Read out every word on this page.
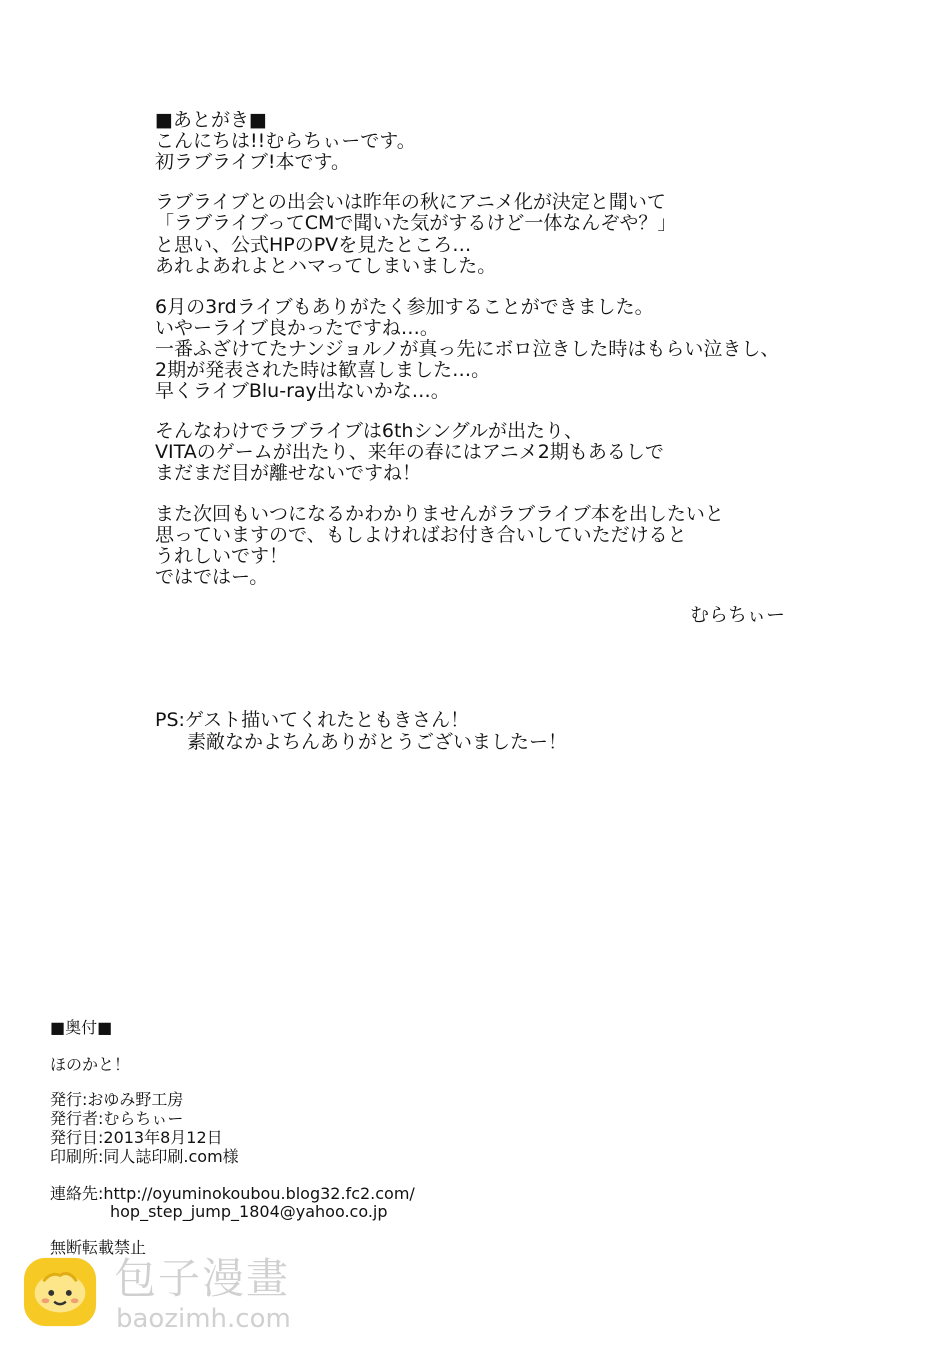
■あとがき■
こんにちは!!むらちぃーです。
初ラブライブ!本です。
ラブライブとの出会いは昨年の秋にアニメ化が決定と聞いて
「ラブライブってCMで聞いた気がするけど一体なんぞや？」
と思い、公式HPのPVを見たところ…
あれよあれよとハマってしまいました。
6月の3rdライブもありがたく参加することができました。
いやーライブ良かったですね…。
一番ふざけてたナンジョルノが真っ先にボロ泣きした時はもらい泣きし、
2期が発表された時は歓喜しました…。
早くライブBlu-ray出ないかな…。
そんなわけでラブライブは6thシングルが出たり、
VITAのゲームが出たり、来年の春にはアニメ2期もあるしで
まだまだ目が離せないですね！
また次回もいつになるかわかりませんがラブライブ本を出したいと
思っていますので、もしよければお付き合いしていただけると
うれしいです！
ではではー。
むらちぃー
PS:ゲスト描いてくれたともきさん！
素敵なかよちんありがとうございましたー！
■奥付■
ほのかと！
発行:おゆみ野工房
発行者:むらちぃー
発行日:2013年8月12日
印刷所:同人誌印刷.com様
連絡先:http://oyuminokoubou.blog32.fc2.com/
hop_step_jump_1804@yahoo.co.jp
無断転載禁止
包子漫畫
baozimh.com
